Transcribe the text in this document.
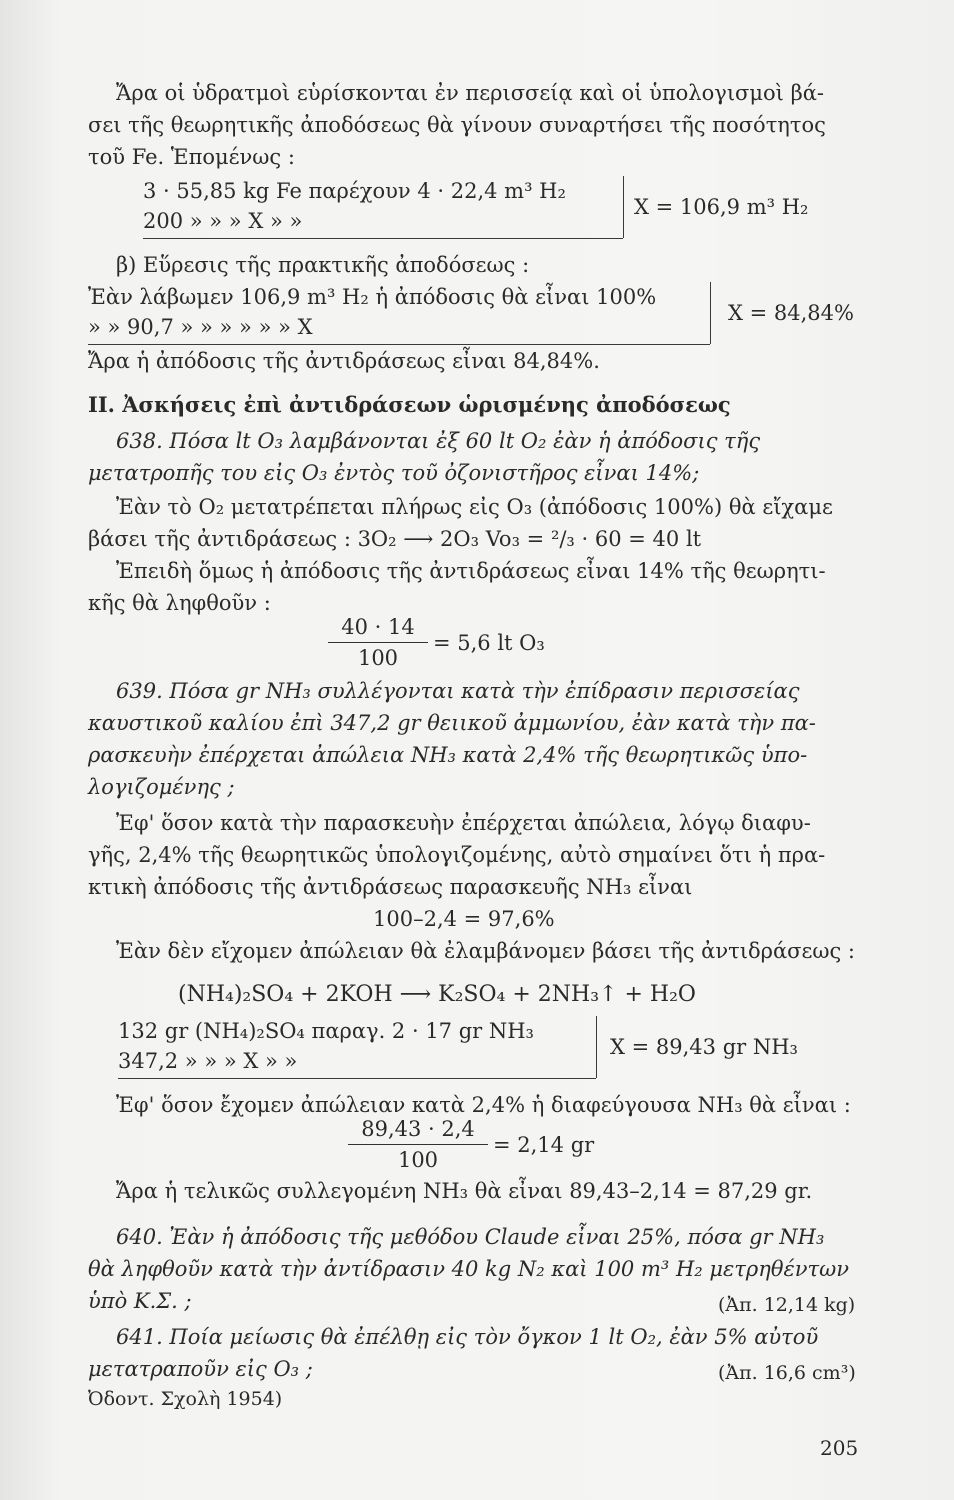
Ἄρα οἱ ὑδρατμοὶ εὑρίσκονται ἐν περισσείᾳ καὶ οἱ ὑπολογισμοὶ βά-
σει τῆς θεωρητικῆς ἀποδόσεως θὰ γίνουν συναρτήσει τῆς ποσότητος
τοῦ Fe. Ἑπομένως :
3 · 55,85 kg Fe παρέχουν 4 · 22,4 m³ H₂
200 » » » X » »
X = 106,9 m³ H₂
β) Εὕρεσις τῆς πρακτικῆς ἀποδόσεως :
Ἐὰν λάβωμεν 106,9 m³ H₂ ἡ ἀπόδοσις θὰ εἶναι 100%
» » 90,7 » » » » » » X
X = 84,84%
Ἄρα ἡ ἀπόδοσις τῆς ἀντιδράσεως εἶναι 84,84%.
II. Ἀσκήσεις ἐπὶ ἀντιδράσεων ὡρισμένης ἀποδόσεως
638. Πόσα lt O₃ λαμβάνονται ἐξ 60 lt O₂ ἐὰν ἡ ἀπόδοσις τῆς
μετατροπῆς του εἰς O₃ ἐντὸς τοῦ ὀζονιστῆρος εἶναι 14%;
Ἐὰν τὸ O₂ μετατρέπεται πλήρως εἰς O₃ (ἀπόδοσις 100%) θὰ εἴχαμε
βάσει τῆς ἀντιδράσεως : 3O₂ ⟶ 2O₃ Vo₃ = ²/₃ · 60 = 40 lt
Ἐπειδὴ ὅμως ἡ ἀπόδοσις τῆς ἀντιδράσεως εἶναι 14% τῆς θεωρητι-
κῆς θὰ ληφθοῦν :
$\frac{40 \cdot 14}{100} = 5,6$ lt O₃
639. Πόσα gr NH₃ συλλέγονται κατὰ τὴν ἐπίδρασιν περισσείας
καυστικοῦ καλίου ἐπὶ 347,2 gr θειικοῦ ἀμμωνίου, ἐὰν κατὰ τὴν πα-
ρασκευὴν ἐπέρχεται ἀπώλεια NH₃ κατὰ 2,4% τῆς θεωρητικῶς ὑπο-
λογιζομένης ;
Ἐφ' ὅσον κατὰ τὴν παρασκευὴν ἐπέρχεται ἀπώλεια, λόγῳ διαφυ-
γῆς, 2,4% τῆς θεωρητικῶς ὑπολογιζομένης, αὐτὸ σημαίνει ὅτι ἡ πρα-
κτικὴ ἀπόδοσις τῆς ἀντιδράσεως παρασκευῆς NH₃ εἶναι
100–2,4 = 97,6%
Ἐὰν δὲν εἴχομεν ἀπώλειαν θὰ ἐλαμβάνομεν βάσει τῆς ἀντιδράσεως :
(NH₄)₂SO₄ + 2KOH ⟶ K₂SO₄ + 2NH₃↑ + H₂O
132 gr (NH₄)₂SO₄ παραγ. 2 · 17 gr NH₃
347,2 » » » X » »
X = 89,43 gr NH₃
Ἐφ' ὅσον ἔχομεν ἀπώλειαν κατὰ 2,4% ἡ διαφεύγουσα NH₃ θὰ εἶναι :
$\frac{89,43 \cdot 2,4}{100} = 2,14$ gr
Ἄρα ἡ τελικῶς συλλεγομένη NH₃ θὰ εἶναι 89,43–2,14 = 87,29 gr.
640. Ἐὰν ἡ ἀπόδοσις τῆς μεθόδου Claude εἶναι 25%, πόσα gr NH₃
θὰ ληφθοῦν κατὰ τὴν ἀντίδρασιν 40 kg N₂ καὶ 100 m³ H₂ μετρηθέντων
ὑπὸ Κ.Σ. ;	(Ἀπ. 12,14 kg)
641. Ποία μείωσις θὰ ἐπέλθῃ εἰς τὸν ὄγκον 1 lt O₂, ἐὰν 5% αὐτοῦ
μετατραποῦν εἰς O₃ ;	(Ἀπ. 16,6 cm³)
Ὀδοντ. Σχολὴ 1954)
205
